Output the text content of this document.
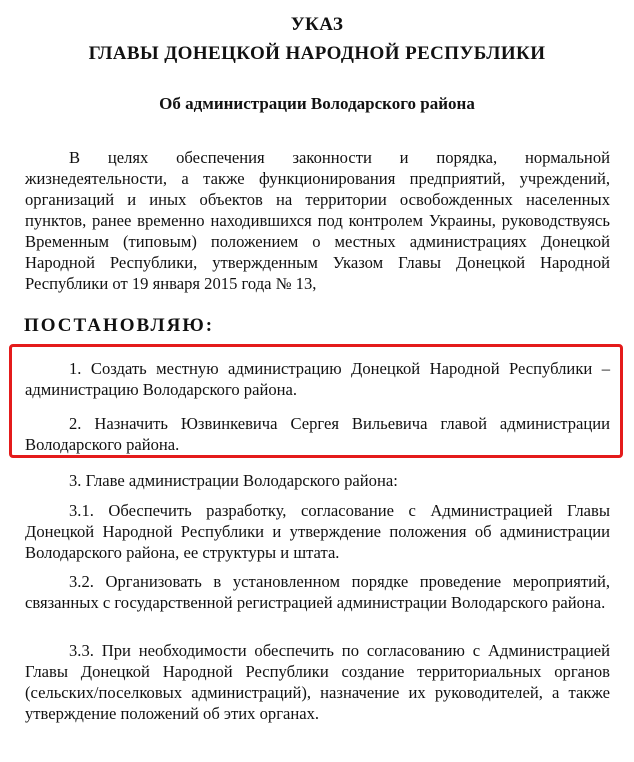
УКАЗ
ГЛАВЫ ДОНЕЦКОЙ НАРОДНОЙ РЕСПУБЛИКИ
Об администрации Володарского района

В целях обеспечения законности и порядка, нормальной жизнедеятельности, а также функционирования предприятий, учреждений, организаций и иных объектов на территории освобожденных населенных пунктов, ранее временно находившихся под контролем Украины, руководствуясь Временным (типовым) положением о местных администрациях Донецкой Народной Республики, утвержденным Указом Главы Донецкой Народной Республики от 19 января 2015 года № 13,

ПОСТАНОВЛЯЮ:

1. Создать местную администрацию Донецкой Народной Республики – администрацию Володарского района.

2. Назначить Юзвинкевича Сергея Вильевича главой администрации Володарского района.

3. Главе администрации Володарского района:

3.1. Обеспечить разработку, согласование с Администрацией Главы Донецкой Народной Республики и утверждение положения об администрации Володарского района, ее структуры и штата.

3.2. Организовать в установленном порядке проведение мероприятий, связанных с государственной регистрацией администрации Володарского района.

3.3. При необходимости обеспечить по согласованию с Администрацией Главы Донецкой Народной Республики создание территориальных органов (сельских/поселковых администраций), назначение их руководителей, а также утверждение положений об этих органах.
